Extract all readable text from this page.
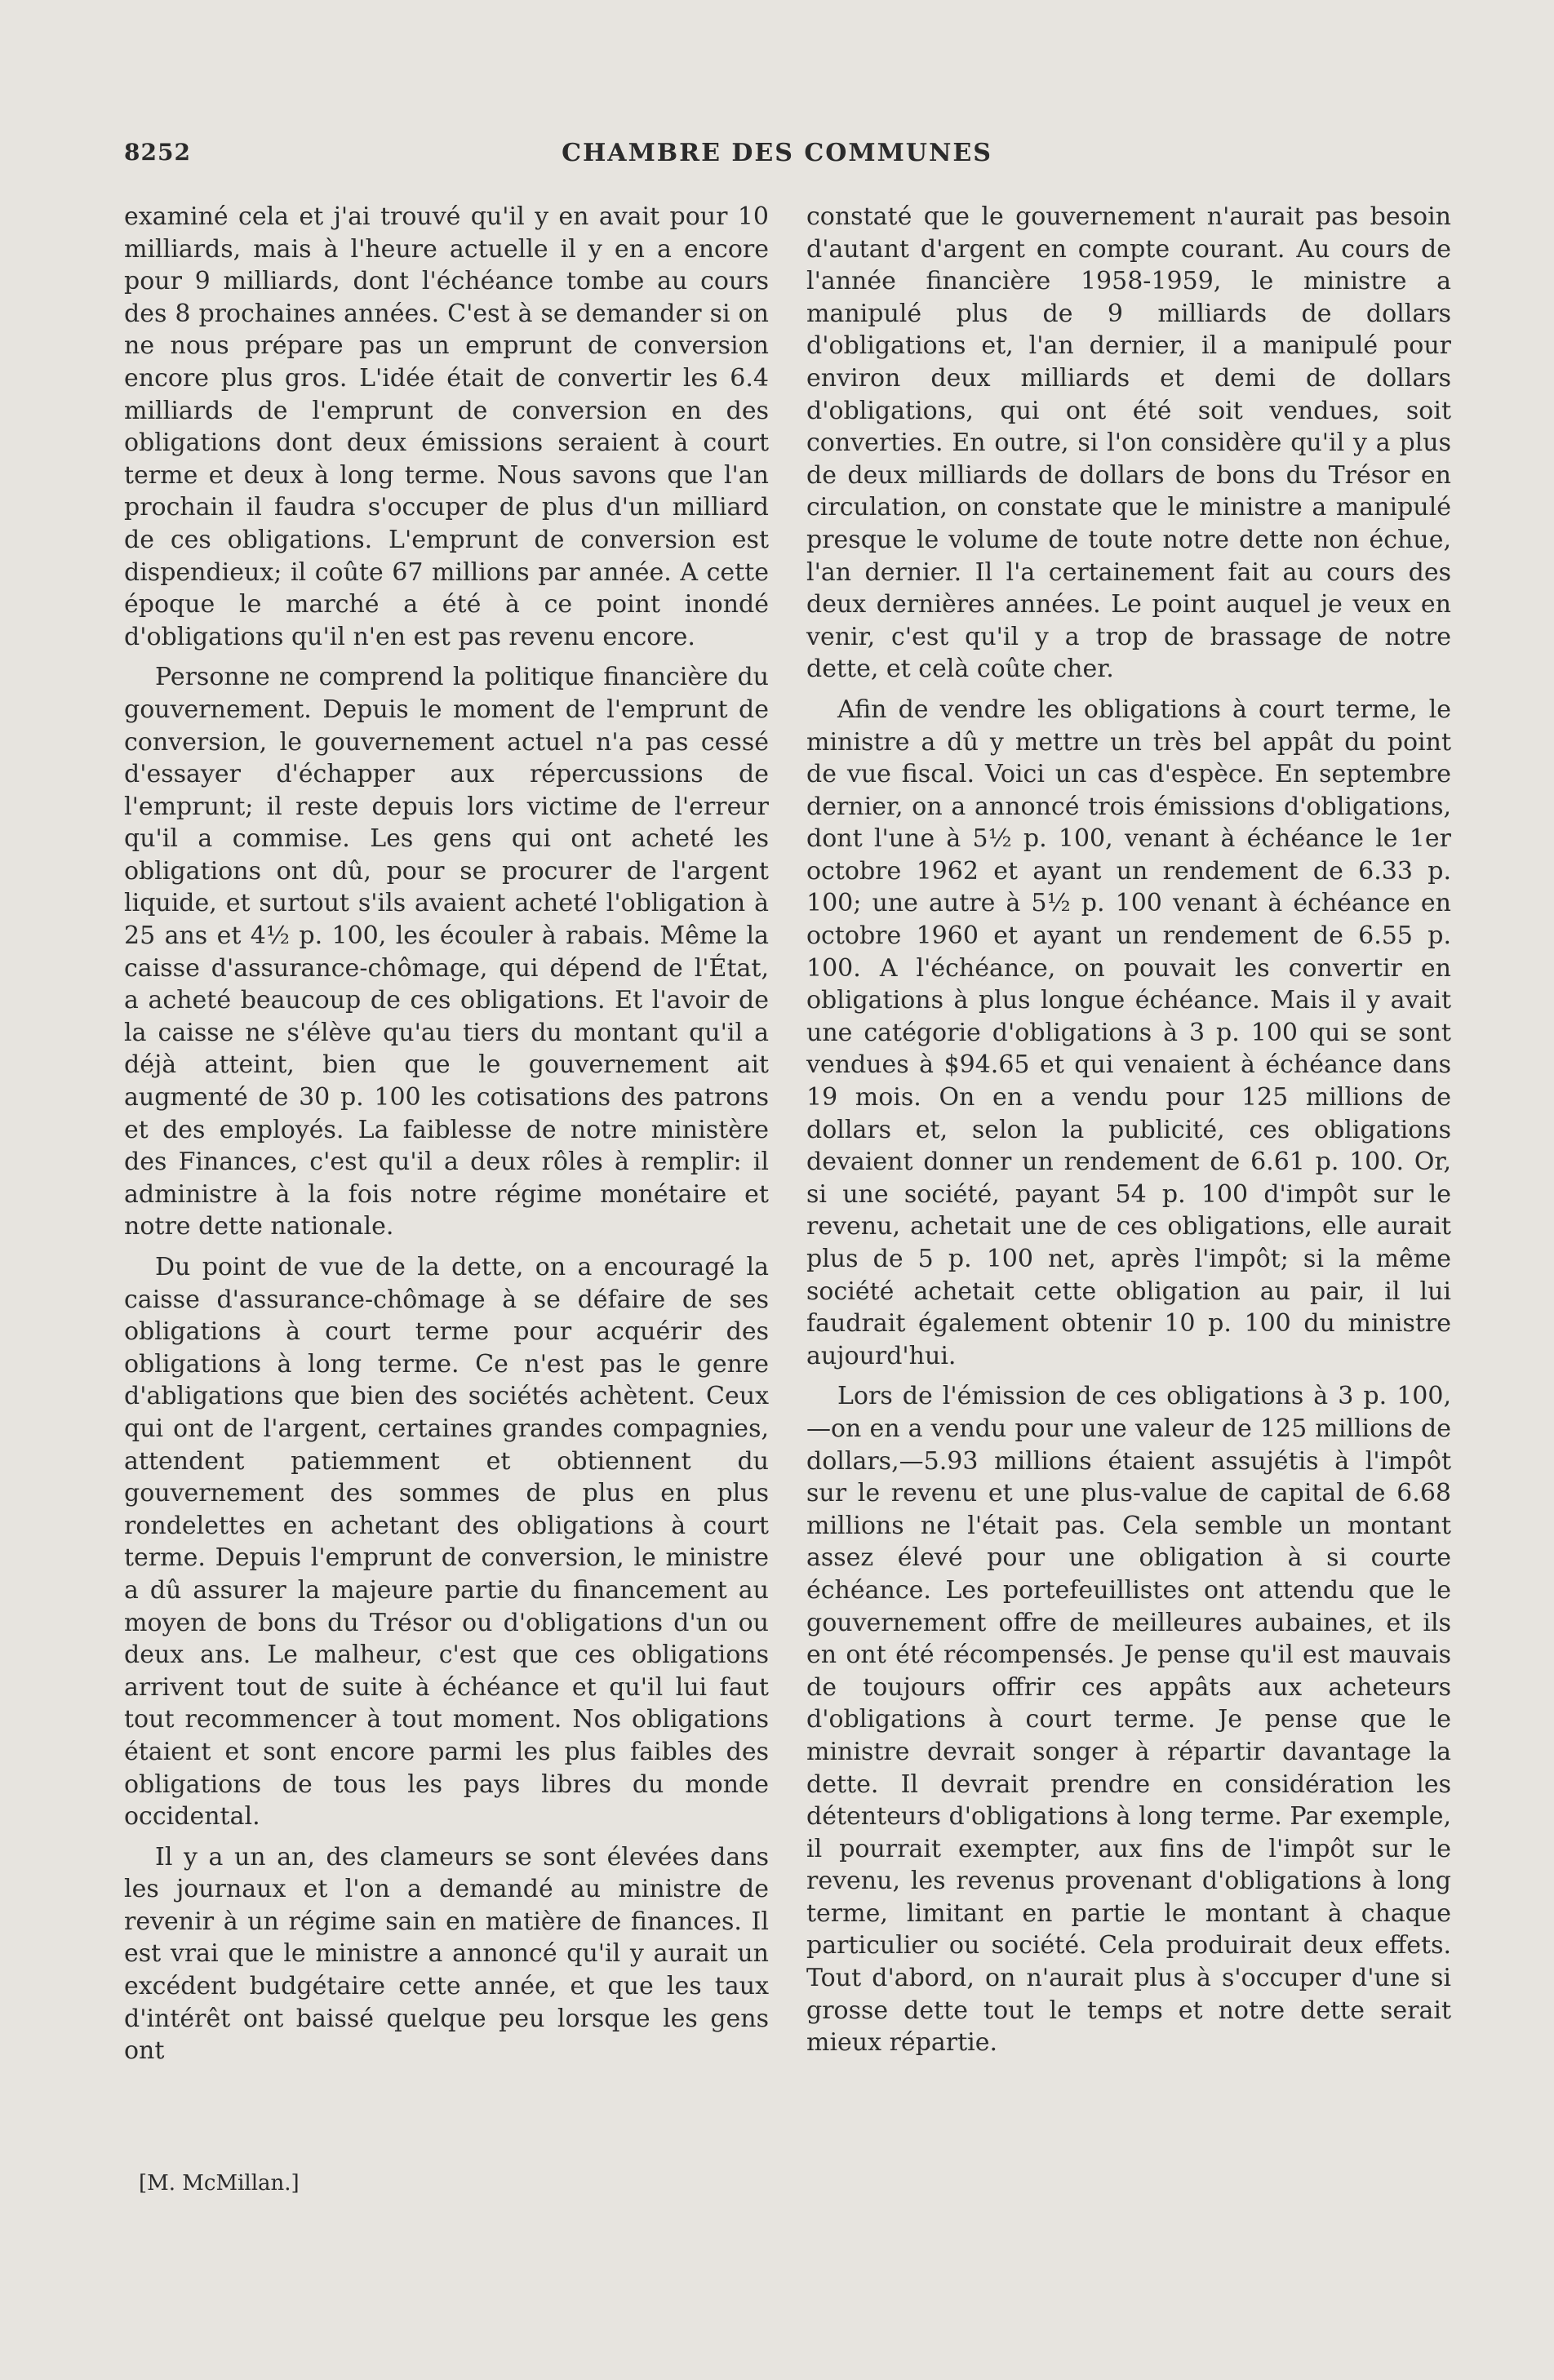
8252	CHAMBRE DES COMMUNES

examiné cela et j'ai trouvé qu'il y en avait pour 10 milliards, mais à l'heure actuelle il y en a encore pour 9 milliards, dont l'échéance tombe au cours des 8 prochaines années. C'est à se demander si on ne nous prépare pas un emprunt de conversion encore plus gros. L'idée était de convertir les 6.4 milliards de l'emprunt de conversion en des obligations dont deux émissions seraient à court terme et deux à long terme. Nous savons que l'an prochain il faudra s'occuper de plus d'un milliard de ces obligations. L'emprunt de conversion est dispendieux; il coûte 67 millions par année. A cette époque le marché a été à ce point inondé d'obligations qu'il n'en est pas revenu encore.

Personne ne comprend la politique financière du gouvernement. Depuis le moment de l'emprunt de conversion, le gouvernement actuel n'a pas cessé d'essayer d'échapper aux répercussions de l'emprunt; il reste depuis lors victime de l'erreur qu'il a commise. Les gens qui ont acheté les obligations ont dû, pour se procurer de l'argent liquide, et surtout s'ils avaient acheté l'obligation à 25 ans et 4½ p. 100, les écouler à rabais. Même la caisse d'assurance-chômage, qui dépend de l'État, a acheté beaucoup de ces obligations. Et l'avoir de la caisse ne s'élève qu'au tiers du montant qu'il a déjà atteint, bien que le gouvernement ait augmenté de 30 p. 100 les cotisations des patrons et des employés. La faiblesse de notre ministère des Finances, c'est qu'il a deux rôles à remplir: il administre à la fois notre régime monétaire et notre dette nationale.

Du point de vue de la dette, on a encouragé la caisse d'assurance-chômage à se défaire de ses obligations à court terme pour acquérir des obligations à long terme. Ce n'est pas le genre d'abligations que bien des sociétés achètent. Ceux qui ont de l'argent, certaines grandes compagnies, attendent patiemment et obtiennent du gouvernement des sommes de plus en plus rondelettes en achetant des obligations à court terme. Depuis l'emprunt de conversion, le ministre a dû assurer la majeure partie du financement au moyen de bons du Trésor ou d'obligations d'un ou deux ans. Le malheur, c'est que ces obligations arrivent tout de suite à échéance et qu'il lui faut tout recommencer à tout moment. Nos obligations étaient et sont encore parmi les plus faibles des obligations de tous les pays libres du monde occidental.

Il y a un an, des clameurs se sont élevées dans les journaux et l'on a demandé au ministre de revenir à un régime sain en matière de finances. Il est vrai que le ministre a annoncé qu'il y aurait un excédent budgétaire cette année, et que les taux d'intérêt ont baissé quelque peu lorsque les gens ont

constaté que le gouvernement n'aurait pas besoin d'autant d'argent en compte courant. Au cours de l'année financière 1958-1959, le ministre a manipulé plus de 9 milliards de dollars d'obligations et, l'an dernier, il a manipulé pour environ deux milliards et demi de dollars d'obligations, qui ont été soit vendues, soit converties. En outre, si l'on considère qu'il y a plus de deux milliards de dollars de bons du Trésor en circulation, on constate que le ministre a manipulé presque le volume de toute notre dette non échue, l'an dernier. Il l'a certainement fait au cours des deux dernières années. Le point auquel je veux en venir, c'est qu'il y a trop de brassage de notre dette, et celà coûte cher.

Afin de vendre les obligations à court terme, le ministre a dû y mettre un très bel appât du point de vue fiscal. Voici un cas d'espèce. En septembre dernier, on a annoncé trois émissions d'obligations, dont l'une à 5½ p. 100, venant à échéance le 1er octobre 1962 et ayant un rendement de 6.33 p. 100; une autre à 5½ p. 100 venant à échéance en octobre 1960 et ayant un rendement de 6.55 p. 100. A l'échéance, on pouvait les convertir en obligations à plus longue échéance. Mais il y avait une catégorie d'obligations à 3 p. 100 qui se sont vendues à $94.65 et qui venaient à échéance dans 19 mois. On en a vendu pour 125 millions de dollars et, selon la publicité, ces obligations devaient donner un rendement de 6.61 p. 100. Or, si une société, payant 54 p. 100 d'impôt sur le revenu, achetait une de ces obligations, elle aurait plus de 5 p. 100 net, après l'impôt; si la même société achetait cette obligation au pair, il lui faudrait également obtenir 10 p. 100 du ministre aujourd'hui.

Lors de l'émission de ces obligations à 3 p. 100,—on en a vendu pour une valeur de 125 millions de dollars,—5.93 millions étaient assujétis à l'impôt sur le revenu et une plus-value de capital de 6.68 millions ne l'était pas. Cela semble un montant assez élevé pour une obligation à si courte échéance. Les portefeuillistes ont attendu que le gouvernement offre de meilleures aubaines, et ils en ont été récompensés. Je pense qu'il est mauvais de toujours offrir ces appâts aux acheteurs d'obligations à court terme. Je pense que le ministre devrait songer à répartir davantage la dette. Il devrait prendre en considération les détenteurs d'obligations à long terme. Par exemple, il pourrait exempter, aux fins de l'impôt sur le revenu, les revenus provenant d'obligations à long terme, limitant en partie le montant à chaque particulier ou société. Cela produirait deux effets. Tout d'abord, on n'aurait plus à s'occuper d'une si grosse dette tout le temps et notre dette serait mieux répartie.

[M. McMillan.]
